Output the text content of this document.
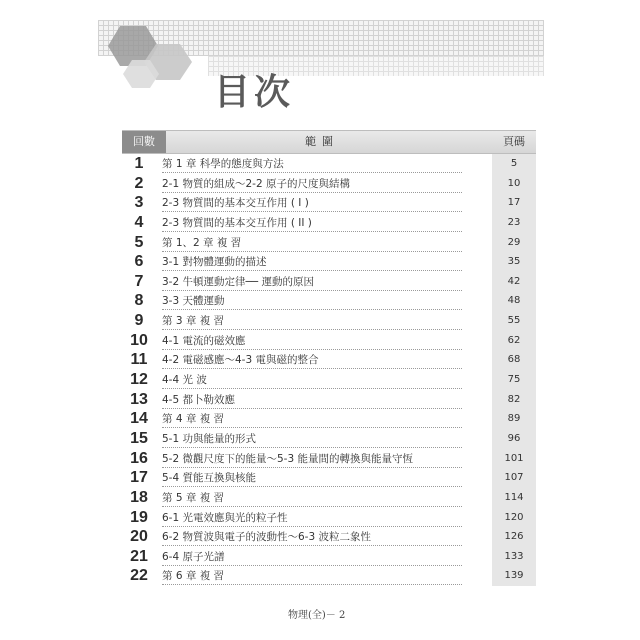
目次
回數	範圍	頁碼
1	第 1 章 科學的態度與方法	5
2	2-1 物質的組成～2-2 原子的尺度與結構	10
3	2-3 物質間的基本交互作用 ( I )	17
4	2-3 物質間的基本交互作用 ( II )	23
5	第 1、2 章 複 習	29
6	3-1 對物體運動的描述	35
7	3-2 牛頓運動定律── 運動的原因	42
8	3-3 天體運動	48
9	第 3 章 複 習	55
10	4-1 電流的磁效應	62
11	4-2 電磁感應～4-3 電與磁的整合	68
12	4-4 光 波	75
13	4-5 都卜勒效應	82
14	第 4 章 複 習	89
15	5-1 功與能量的形式	96
16	5-2 微觀尺度下的能量～5-3 能量間的轉換與能量守恆	101
17	5-4 質能互換與核能	107
18	第 5 章 複 習	114
19	6-1 光電效應與光的粒子性	120
20	6-2 物質波與電子的波動性～6-3 波粒二象性	126
21	6-4 原子光譜	133
22	第 6 章 複 習	139
物理(全)－ 2
